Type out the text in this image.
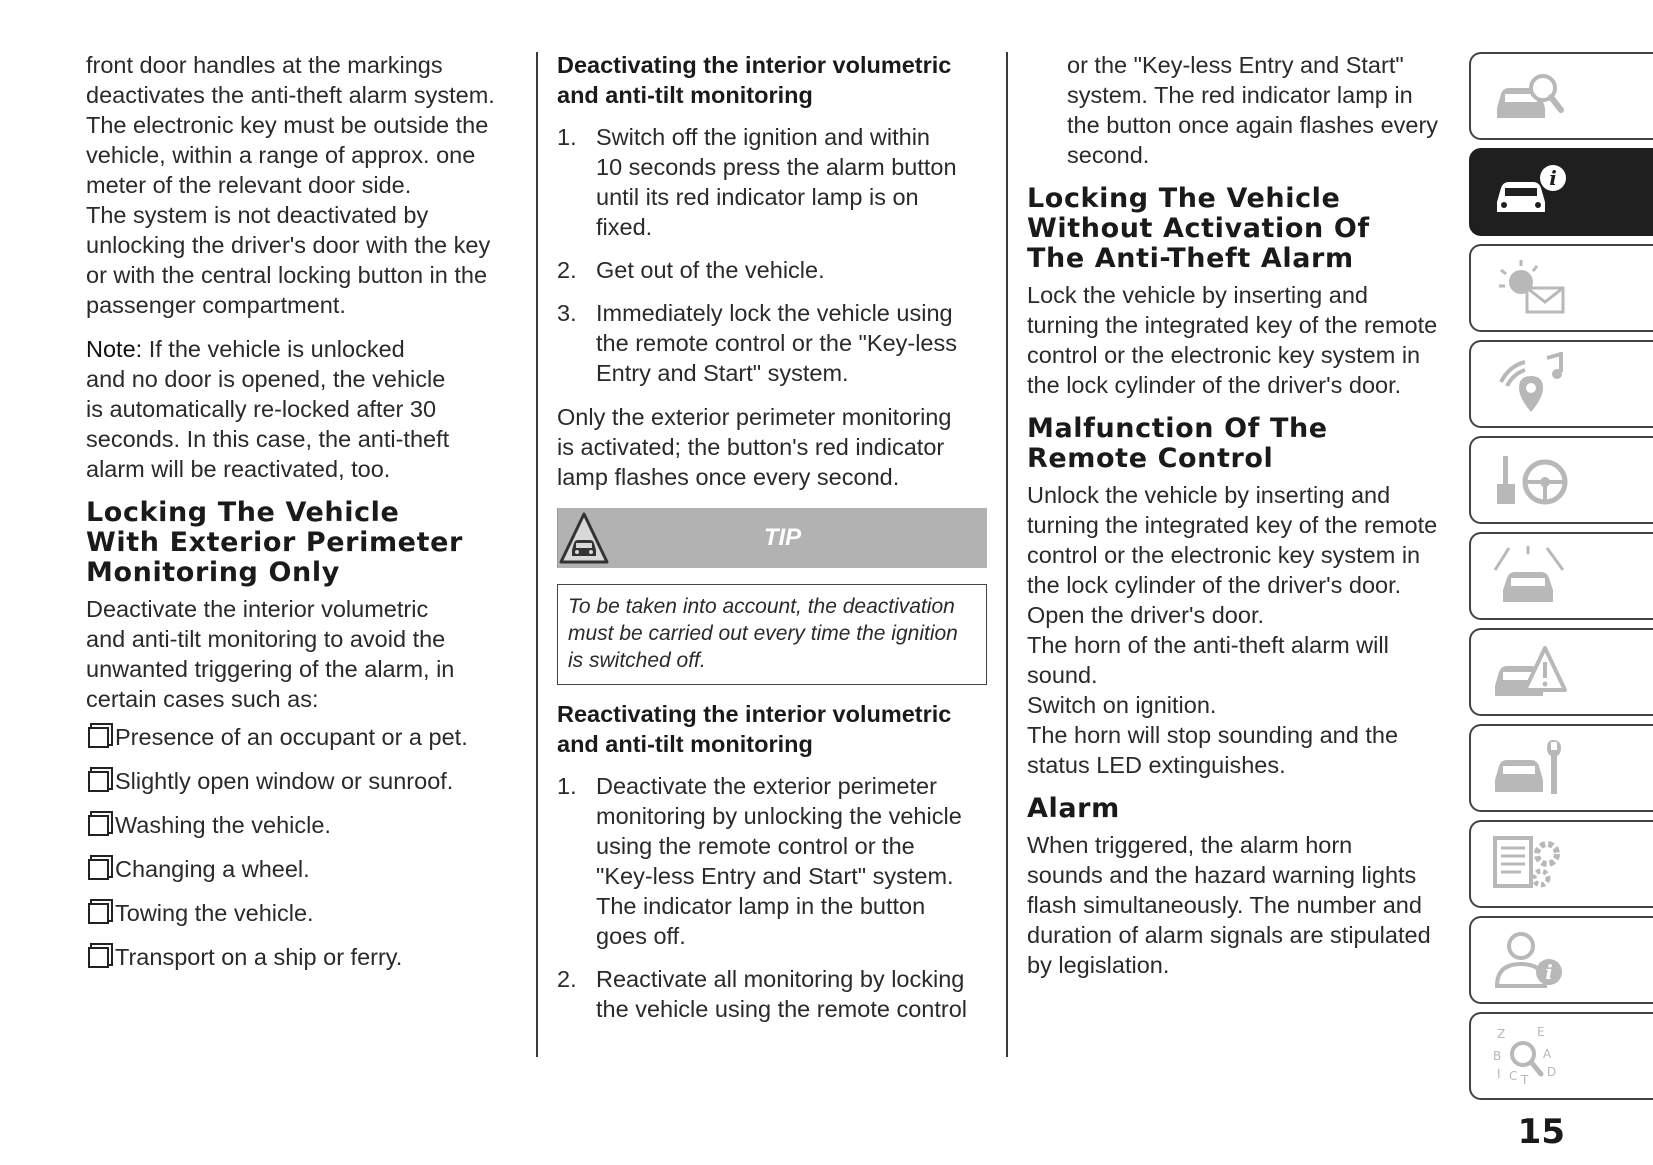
front door handles at the markings
deactivates the anti-theft alarm system.
The electronic key must be outside the
vehicle, within a range of approx. one
meter of the relevant door side.
The system is not deactivated by
unlocking the driver's door with the key
or with the central locking button in the
passenger compartment.

Note: If the vehicle is unlocked
and no door is opened, the vehicle
is automatically re-locked after 30
seconds. In this case, the anti-theft
alarm will be reactivated, too.

Locking The Vehicle
With Exterior Perimeter
Monitoring Only

Deactivate the interior volumetric
and anti-tilt monitoring to avoid the
unwanted triggering of the alarm, in
certain cases such as:

Presence of an occupant or a pet.
Slightly open window or sunroof.
Washing the vehicle.
Changing a wheel.
Towing the vehicle.
Transport on a ship or ferry.
Deactivating the interior volumetric
and anti-tilt monitoring
1. Switch off the ignition and within
10 seconds press the alarm button
until its red indicator lamp is on
fixed.
2. Get out of the vehicle.
3. Immediately lock the vehicle using
the remote control or the "Key-less
Entry and Start" system.

Only the exterior perimeter monitoring
is activated; the button's red indicator
lamp flashes once every second.

TIP
To be taken into account, the deactivation
must be carried out every time the ignition
is switched off.
Reactivating the interior volumetric
and anti-tilt monitoring
1. Deactivate the exterior perimeter
monitoring by unlocking the vehicle
using the remote control or the
"Key-less Entry and Start" system.
The indicator lamp in the button
goes off.
2. Reactivate all monitoring by locking
the vehicle using the remote control

or the "Key-less Entry and Start"
system. The red indicator lamp in
the button once again flashes every
second.

Locking The Vehicle
Without Activation Of
The Anti-Theft Alarm

Lock the vehicle by inserting and
turning the integrated key of the remote
control or the electronic key system in
the lock cylinder of the driver's door.

Malfunction Of The
Remote Control

Unlock the vehicle by inserting and
turning the integrated key of the remote
control or the electronic key system in
the lock cylinder of the driver's door.
Open the driver's door.
The horn of the anti-theft alarm will
sound.
Switch on ignition.
The horn will stop sounding and the
status LED extinguishes.

Alarm

When triggered, the alarm horn
sounds and the hazard warning lights
flash simultaneously. The number and
duration of alarm signals are stipulated
by legislation.

i
i
Z	E
B	A
I C T
D
15
